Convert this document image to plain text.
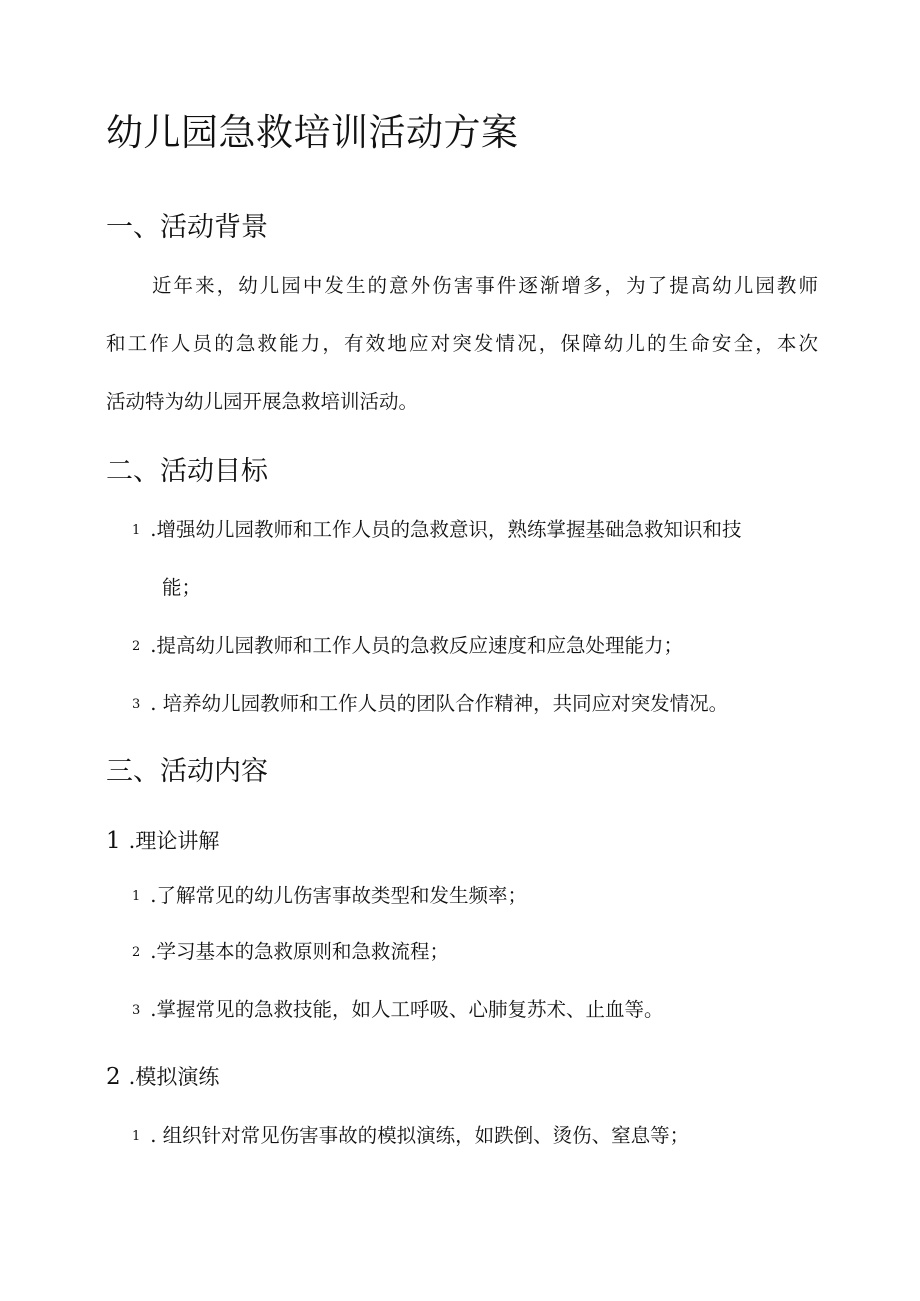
幼儿园急救培训活动方案
一、活动背景
近年来，幼儿园中发生的意外伤害事件逐渐增多，为了提高幼儿园教师
和工作人员的急救能力，有效地应对突发情况，保障幼儿的生命安全，本次
活动特为幼儿园开展急救培训活动。
二、活动目标
1 .增强幼儿园教师和工作人员的急救意识，熟练掌握基础急救知识和技
能；
2 .提高幼儿园教师和工作人员的急救反应速度和应急处理能力；
3 . 培养幼儿园教师和工作人员的团队合作精神，共同应对突发情况。
三、活动内容
1 .理论讲解
1 .了解常见的幼儿伤害事故类型和发生频率；
2 .学习基本的急救原则和急救流程；
3 .掌握常见的急救技能，如人工呼吸、心肺复苏术、止血等。
2 .模拟演练
1 . 组织针对常见伤害事故的模拟演练，如跌倒、烫伤、窒息等；
